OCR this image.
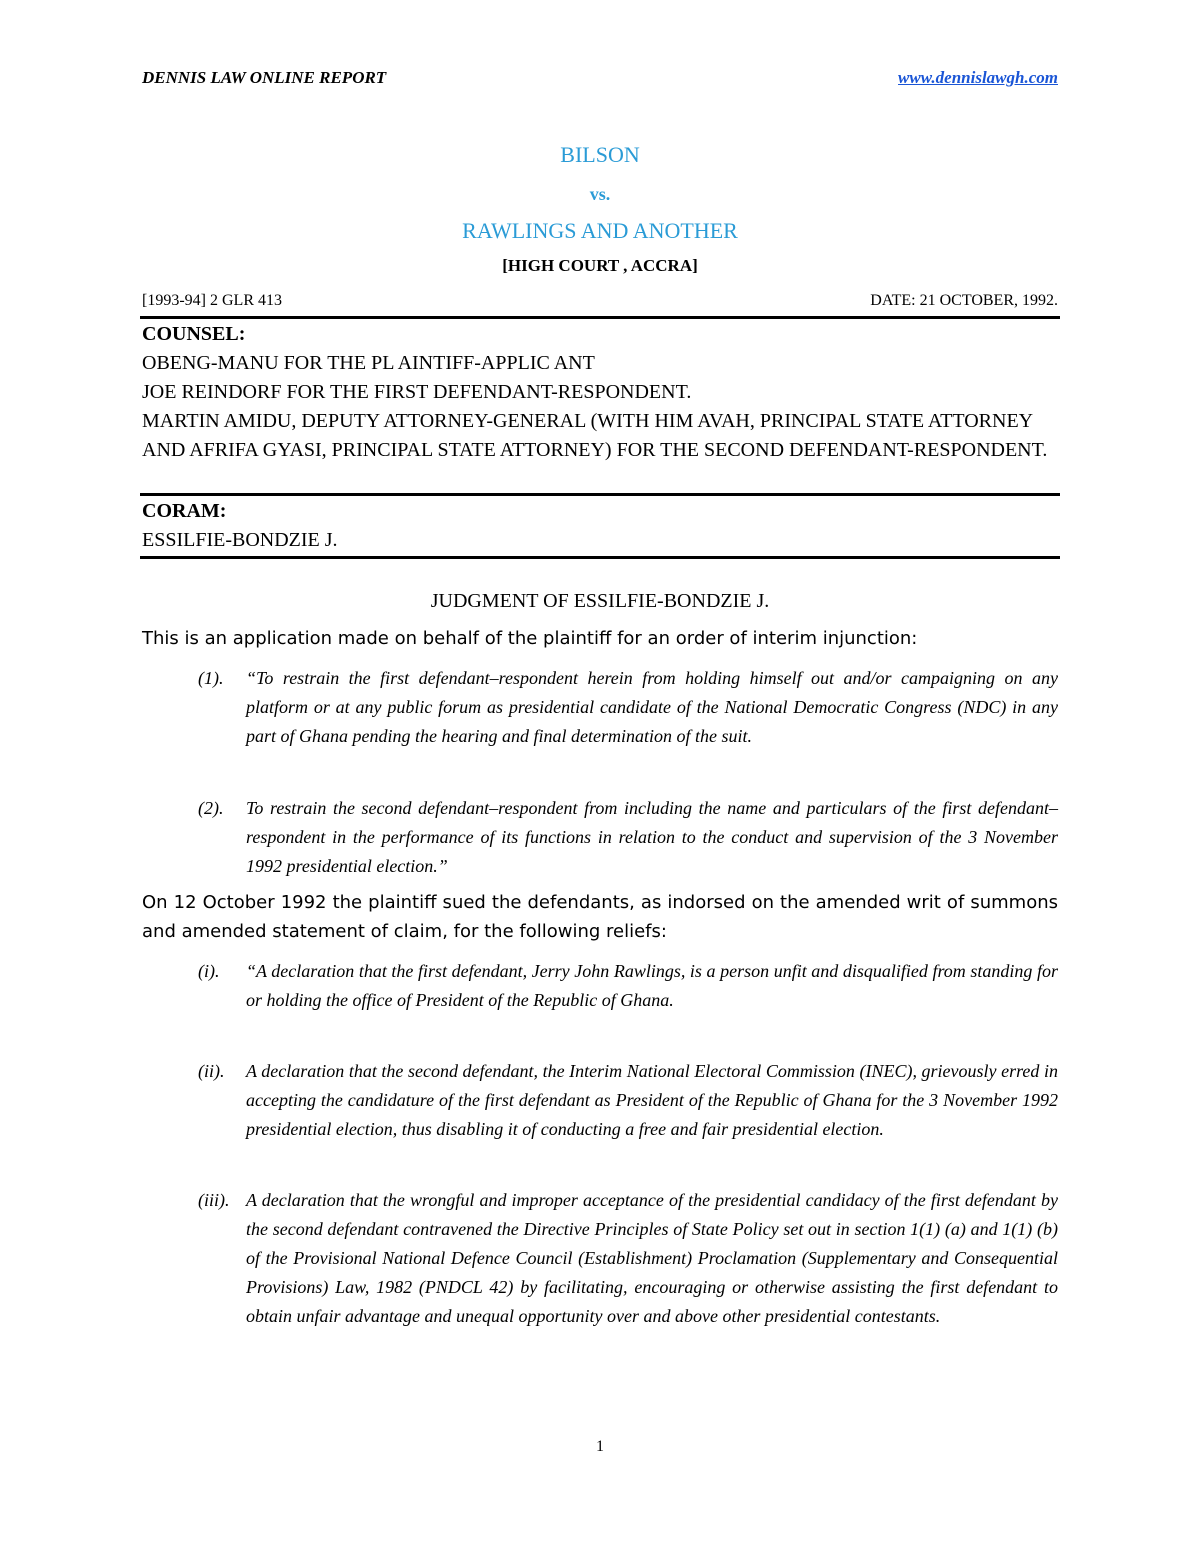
DENNIS LAW ONLINE REPORT	www.dennislawgh.com
BILSON
vs.
RAWLINGS AND ANOTHER
[HIGH COURT , ACCRA]
[1993-94] 2 GLR 413	DATE: 21 OCTOBER, 1992.
COUNSEL:
OBENG-MANU FOR THE PL AINTIFF-APPLIC ANT
JOE REINDORF FOR THE FIRST DEFENDANT-RESPONDENT.
MARTIN AMIDU, DEPUTY ATTORNEY-GENERAL (WITH HIM AVAH, PRINCIPAL STATE ATTORNEY AND AFRIFA GYASI, PRINCIPAL STATE ATTORNEY) FOR THE SECOND DEFENDANT-RESPONDENT.
CORAM:
ESSILFIE-BONDZIE J.
JUDGMENT OF ESSILFIE-BONDZIE J.
This is an application made on behalf of the plaintiff for an order of interim injunction:
(1). “To restrain the first defendant–respondent herein from holding himself out and/or campaigning on any platform or at any public forum as presidential candidate of the National Democratic Congress (NDC) in any part of Ghana pending the hearing and final determination of the suit.
(2). To restrain the second defendant–respondent from including the name and particulars of the first defendant–respondent in the performance of its functions in relation to the conduct and supervision of the 3 November 1992 presidential election.”
On 12 October 1992 the plaintiff sued the defendants, as indorsed on the amended writ of summons and amended statement of claim, for the following reliefs:
(i). “A declaration that the first defendant, Jerry John Rawlings, is a person unfit and disqualified from standing for or holding the office of President of the Republic of Ghana.
(ii). A declaration that the second defendant, the Interim National Electoral Commission (INEC), grievously erred in accepting the candidature of the first defendant as President of the Republic of Ghana for the 3 November 1992 presidential election, thus disabling it of conducting a free and fair presidential election.
(iii). A declaration that the wrongful and improper acceptance of the presidential candidacy of the first defendant by the second defendant contravened the Directive Principles of State Policy set out in section 1(1) (a) and 1(1) (b) of the Provisional National Defence Council (Establishment) Proclamation (Supplementary and Consequential Provisions) Law, 1982 (PNDCL 42) by facilitating, encouraging or otherwise assisting the first defendant to obtain unfair advantage and unequal opportunity over and above other presidential contestants.
1
